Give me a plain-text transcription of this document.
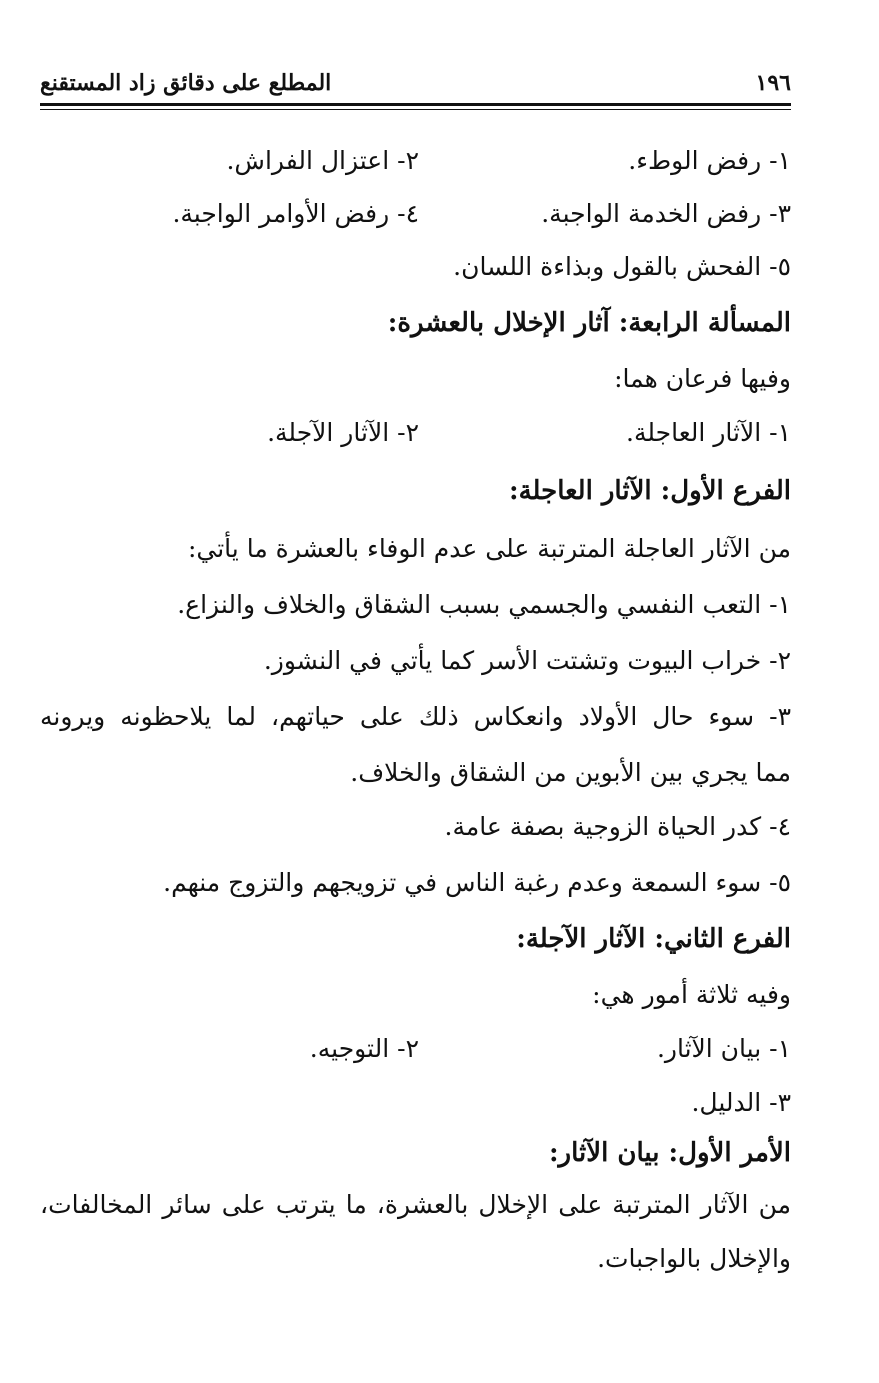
١٩٦
المطلع على دقائق زاد المستقنع
١- رفض الوطء.
٢- اعتزال الفراش.
٣- رفض الخدمة الواجبة.
٤- رفض الأوامر الواجبة.
٥- الفحش بالقول وبذاءة اللسان.
المسألة الرابعة: آثار الإخلال بالعشرة:
وفيها فرعان هما:
١- الآثار العاجلة.
٢- الآثار الآجلة.
الفرع الأول: الآثار العاجلة:
من الآثار العاجلة المترتبة على عدم الوفاء بالعشرة ما يأتي:
١- التعب النفسي والجسمي بسبب الشقاق والخلاف والنزاع.
٢- خراب البيوت وتشتت الأسر كما يأتي في النشوز.
٣- سوء حال الأولاد وانعكاس ذلك على حياتهم، لما يلاحظونه ويرونه
مما يجري بين الأبوين من الشقاق والخلاف.
٤- كدر الحياة الزوجية بصفة عامة.
٥- سوء السمعة وعدم رغبة الناس في تزويجهم والتزوج منهم.
الفرع الثاني: الآثار الآجلة:
وفيه ثلاثة أمور هي:
١- بيان الآثار.
٢- التوجيه.
٣- الدليل.
الأمر الأول: بيان الآثار:
من الآثار المترتبة على الإخلال بالعشرة، ما يترتب على سائر المخالفات،
والإخلال بالواجبات.
